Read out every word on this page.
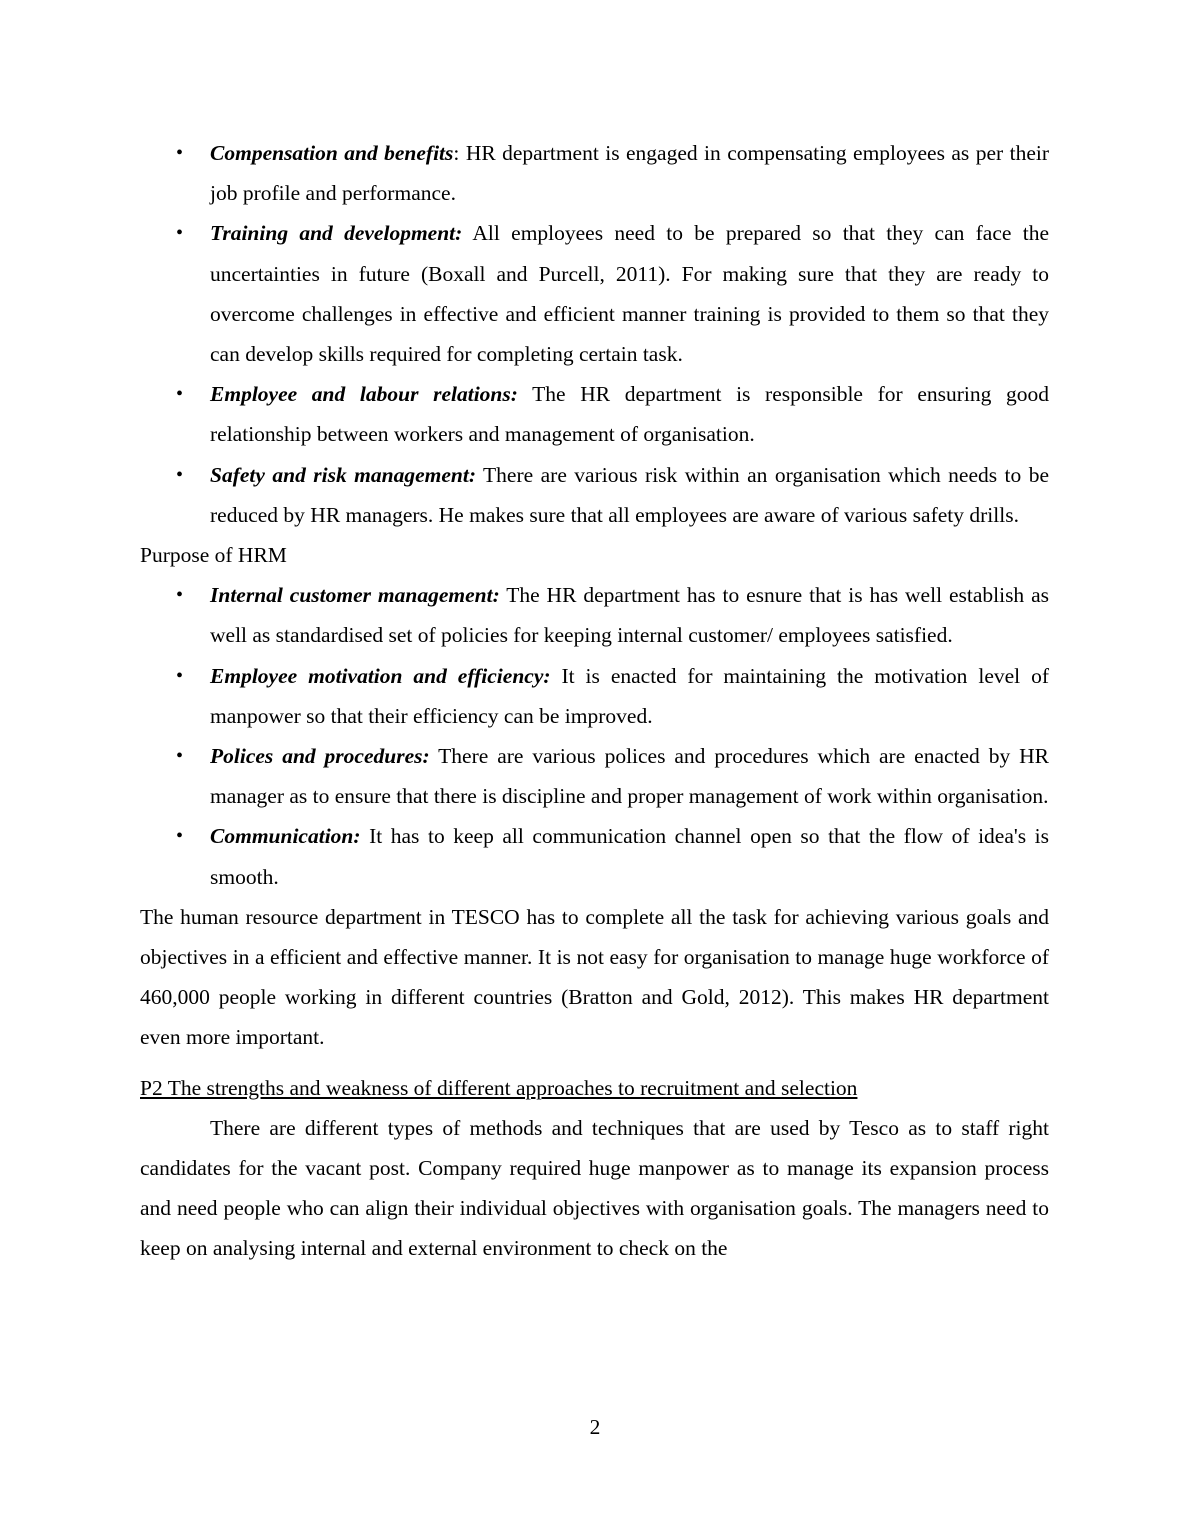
•	Compensation and benefits: HR department is engaged in compensating employees as per their job profile and performance.
•	Training and development: All employees need to be prepared so that they can face the uncertainties in future (Boxall and Purcell, 2011). For making sure that they are ready to overcome challenges in effective and efficient manner training is provided to them so that they can develop skills required for completing certain task.
•	Employee and labour relations: The HR department is responsible for ensuring good relationship between workers and management of organisation.
•	Safety and risk management: There are various risk within an organisation which needs to be reduced by HR managers. He makes sure that all employees are aware of various safety drills.

Purpose of HRM

•	Internal customer management: The HR department has to esnure that is has well establish as well as standardised set of policies for keeping internal customer/ employees satisfied.
•	Employee motivation and efficiency: It is enacted for maintaining the motivation level of manpower so that their efficiency can be improved.
•	Polices and procedures: There are various polices and procedures which are enacted by HR manager as to ensure that there is discipline and proper management of work within organisation.
•	Communication: It has to keep all communication channel open so that the flow of idea's is smooth.

The human resource department in TESCO has to complete all the task for achieving various goals and objectives in a efficient and effective manner. It is not easy for organisation to manage huge workforce of 460,000 people working in different countries (Bratton and Gold, 2012). This makes HR department even more important.

P2 The strengths and weakness of different approaches to recruitment and selection

There are different types of methods and techniques that are used by Tesco as to staff right candidates for the vacant post. Company required huge manpower as to manage its expansion process and need people who can align their individual objectives with organisation goals. The managers need to keep on analysing internal and external environment to check on the

2
